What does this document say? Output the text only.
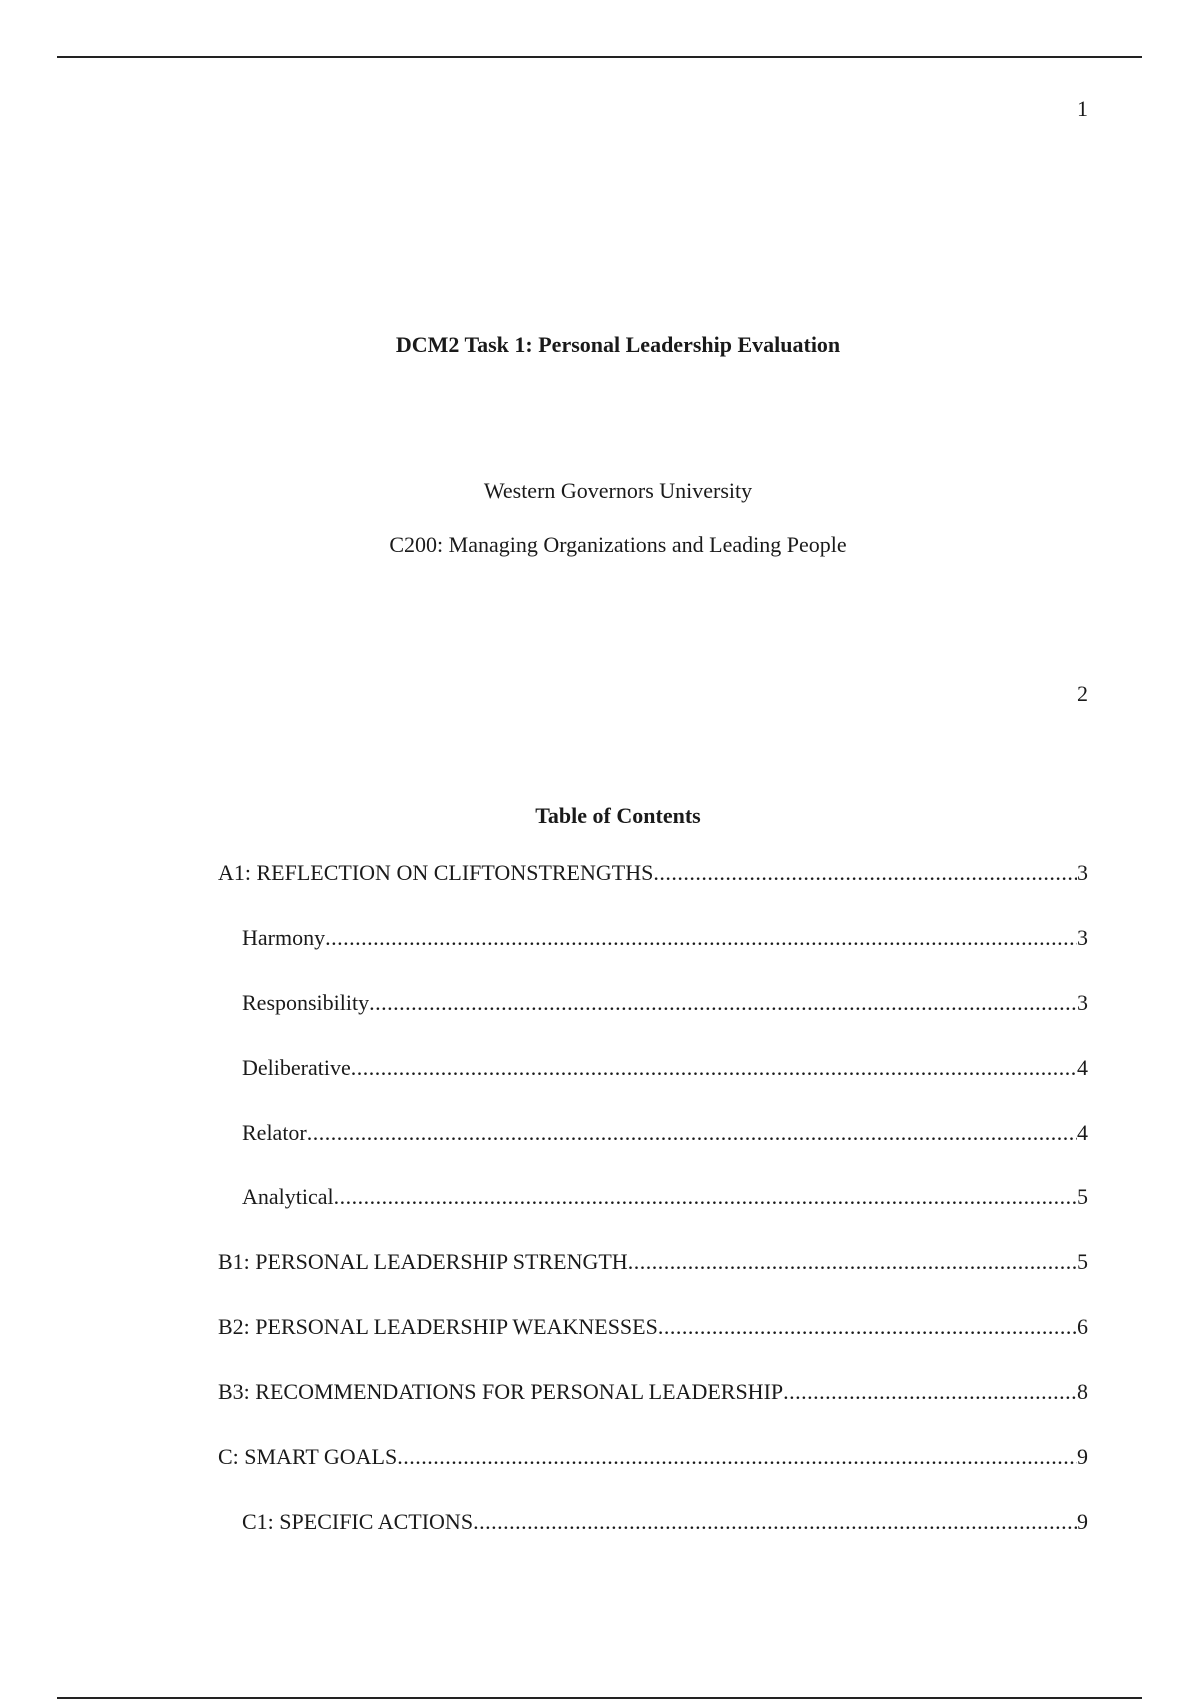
1
DCM2 Task 1: Personal Leadership Evaluation
Western Governors University
C200: Managing Organizations and Leading People
2
Table of Contents
A1: REFLECTION ON CLIFTONSTRENGTHS .....	3
Harmony .....	3
Responsibility .....	3
Deliberative .....	4
Relator .....	4
Analytical .....	5
B1: PERSONAL LEADERSHIP STRENGTH .....	5
B2: PERSONAL LEADERSHIP WEAKNESSES .....	6
B3: RECOMMENDATIONS FOR PERSONAL LEADERSHIP .....	8
C: SMART GOALS .....	9
C1: SPECIFIC ACTIONS .....	9
